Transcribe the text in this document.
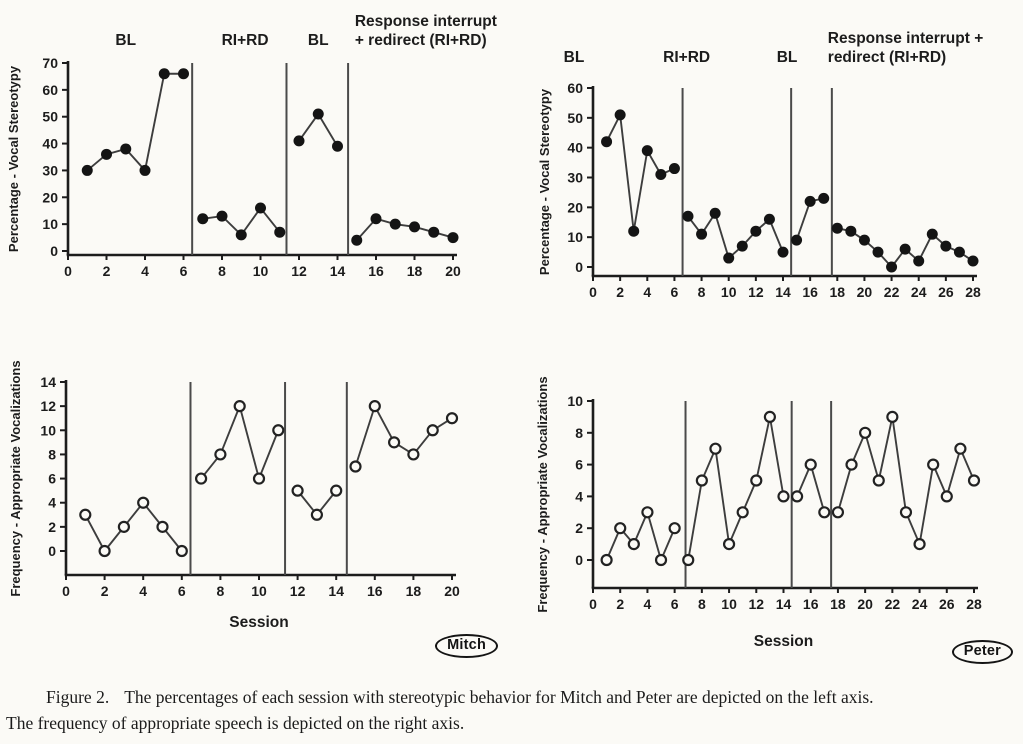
0
10
20
30
40
50
60
70
0 2 4 6 8 10 12 14 16 18 20
BL	RI+RD	BL
Response interrupt
+ redirect (RI+RD)
Percentage - Vocal Stereotypy
0
10
20
30
40
50
60
0 2 4 6 8 10 12 14 16 18 20 22 24 26 28
BL	RI+RD	BL
Response interrupt +
redirect (RI+RD)
Percentage - Vocal Stereotypy
0
2
4
6
8
10
12
14
0 2 4 6 8 10 12 14 16 18 20
Frequency - Appropriate Vocalizations
Session
Mitch
0
2
4
6
8
10
0 2 4 6 8 10 12 14 16 18 20 22 24 26 28
Frequency - Appropriate Vocalizations
Session
Peter
Figure 2. The percentages of each session with stereotypic behavior for Mitch and Peter are depicted on the left axis.
The frequency of appropriate speech is depicted on the right axis.
